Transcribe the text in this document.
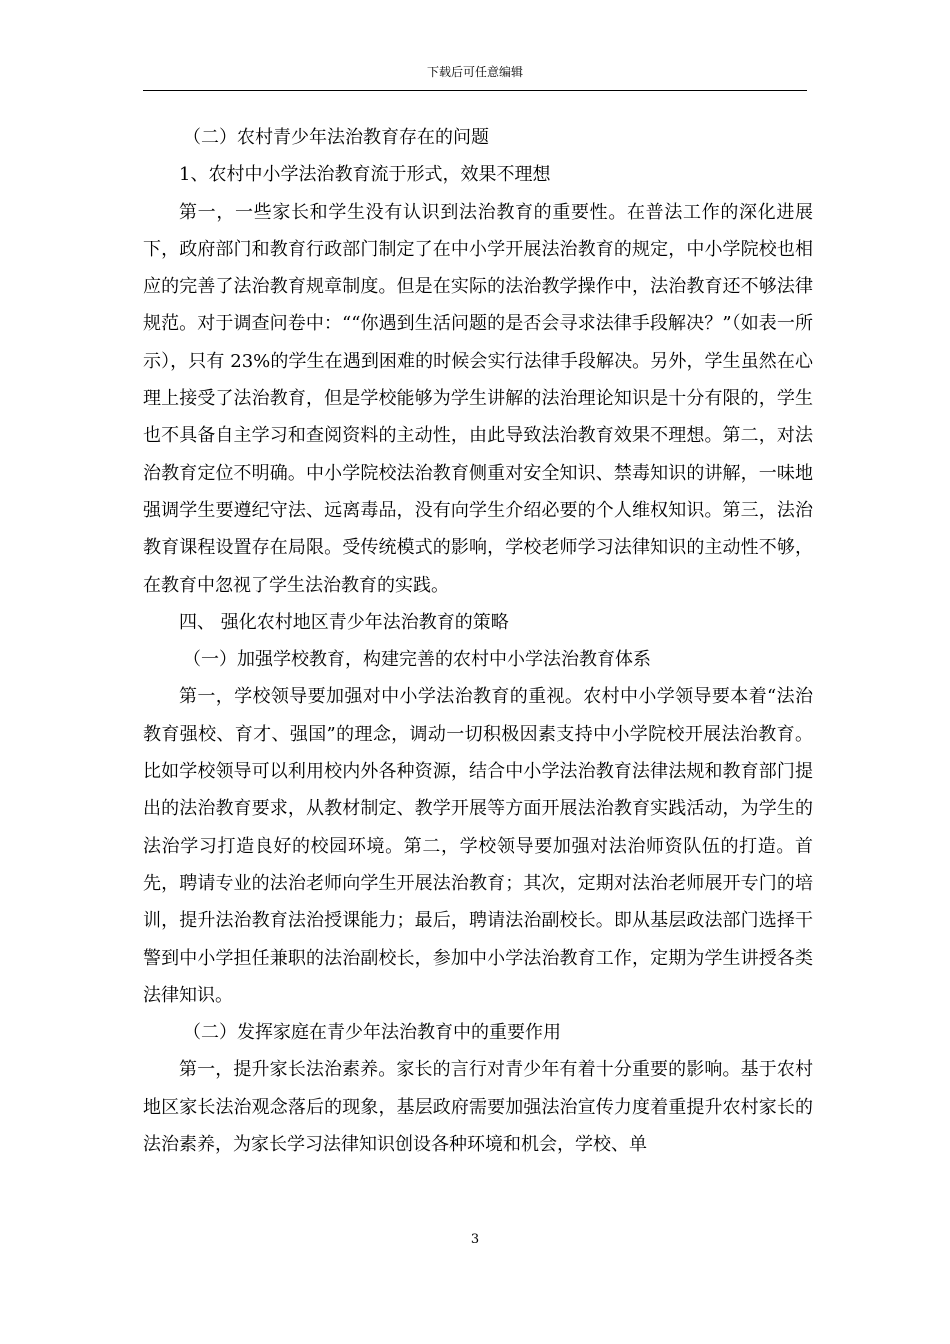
下载后可任意编辑

（二）农村青少年法治教育存在的问题

1、农村中小学法治教育流于形式，效果不理想

第一，一些家长和学生没有认识到法治教育的重要性。在普法工作的深化进展下，政府部门和教育行政部门制定了在中小学开展法治教育的规定，中小学院校也相应的完善了法治教育规章制度。但是在实际的法治教学操作中，法治教育还不够法律规范。对于调查问卷中：““你遇到生活问题的是否会寻求法律手段解决？”（如表一所示），只有 23%的学生在遇到困难的时候会实行法律手段解决。另外，学生虽然在心理上接受了法治教育，但是学校能够为学生讲解的法治理论知识是十分有限的，学生也不具备自主学习和查阅资料的主动性，由此导致法治教育效果不理想。第二，对法治教育定位不明确。中小学院校法治教育侧重对安全知识、禁毒知识的讲解，一味地强调学生要遵纪守法、远离毒品，没有向学生介绍必要的个人维权知识。第三，法治教育课程设置存在局限。受传统模式的影响，学校老师学习法律知识的主动性不够，在教育中忽视了学生法治教育的实践。

四、 强化农村地区青少年法治教育的策略

（一）加强学校教育，构建完善的农村中小学法治教育体系

第一，学校领导要加强对中小学法治教育的重视。农村中小学领导要本着“法治教育强校、育才、强国”的理念，调动一切积极因素支持中小学院校开展法治教育。比如学校领导可以利用校内外各种资源，结合中小学法治教育法律法规和教育部门提出的法治教育要求，从教材制定、教学开展等方面开展法治教育实践活动，为学生的法治学习打造良好的校园环境。第二，学校领导要加强对法治师资队伍的打造。首先，聘请专业的法治老师向学生开展法治教育；其次，定期对法治老师展开专门的培训，提升法治教育法治授课能力；最后，聘请法治副校长。即从基层政法部门选择干警到中小学担任兼职的法治副校长，参加中小学法治教育工作，定期为学生讲授各类法律知识。

（二）发挥家庭在青少年法治教育中的重要作用

第一，提升家长法治素养。家长的言行对青少年有着十分重要的影响。基于农村地区家长法治观念落后的现象，基层政府需要加强法治宣传力度着重提升农村家长的法治素养，为家长学习法律知识创设各种环境和机会，学校、单

3
